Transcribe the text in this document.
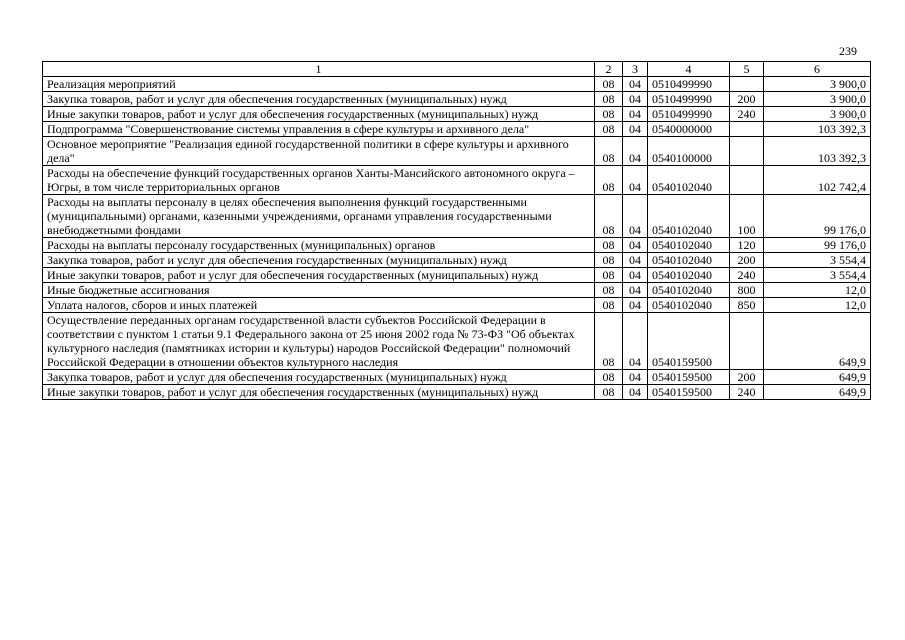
239
1	2	3	4	5	6
Реализация мероприятий	08	04	0510499990		3 900,0
Закупка товаров, работ и услуг для обеспечения государственных (муниципальных) нужд	08	04	0510499990	200	3 900,0
Иные закупки товаров, работ и услуг для обеспечения государственных (муниципальных) нужд	08	04	0510499990	240	3 900,0
Подпрограмма "Совершенствование системы управления в сфере культуры и архивного дела"	08	04	0540000000		103 392,3
Основное мероприятие "Реализация единой государственной политики в сфере культуры и архивного дела"	08	04	0540100000		103 392,3
Расходы на обеспечение функций государственных органов Ханты-Мансийского автономного округа – Югры, в том числе территориальных органов	08	04	0540102040		102 742,4
Расходы на выплаты персоналу в целях обеспечения выполнения функций государственными (муниципальными) органами, казенными учреждениями, органами управления государственными внебюджетными фондами	08	04	0540102040	100	99 176,0
Расходы на выплаты персоналу государственных (муниципальных) органов	08	04	0540102040	120	99 176,0
Закупка товаров, работ и услуг для обеспечения государственных (муниципальных) нужд	08	04	0540102040	200	3 554,4
Иные закупки товаров, работ и услуг для обеспечения государственных (муниципальных) нужд	08	04	0540102040	240	3 554,4
Иные бюджетные ассигнования	08	04	0540102040	800	12,0
Уплата налогов, сборов и иных платежей	08	04	0540102040	850	12,0
Осуществление переданных органам государственной власти субъектов Российской Федерации в соответствии с пунктом 1 статьи 9.1 Федерального закона от 25 июня 2002 года № 73-ФЗ "Об объектах культурного наследия (памятниках истории и культуры) народов Российской Федерации" полномочий Российской Федерации в отношении объектов культурного наследия	08	04	0540159500		649,9
Закупка товаров, работ и услуг для обеспечения государственных (муниципальных) нужд	08	04	0540159500	200	649,9
Иные закупки товаров, работ и услуг для обеспечения государственных (муниципальных) нужд	08	04	0540159500	240	649,9
